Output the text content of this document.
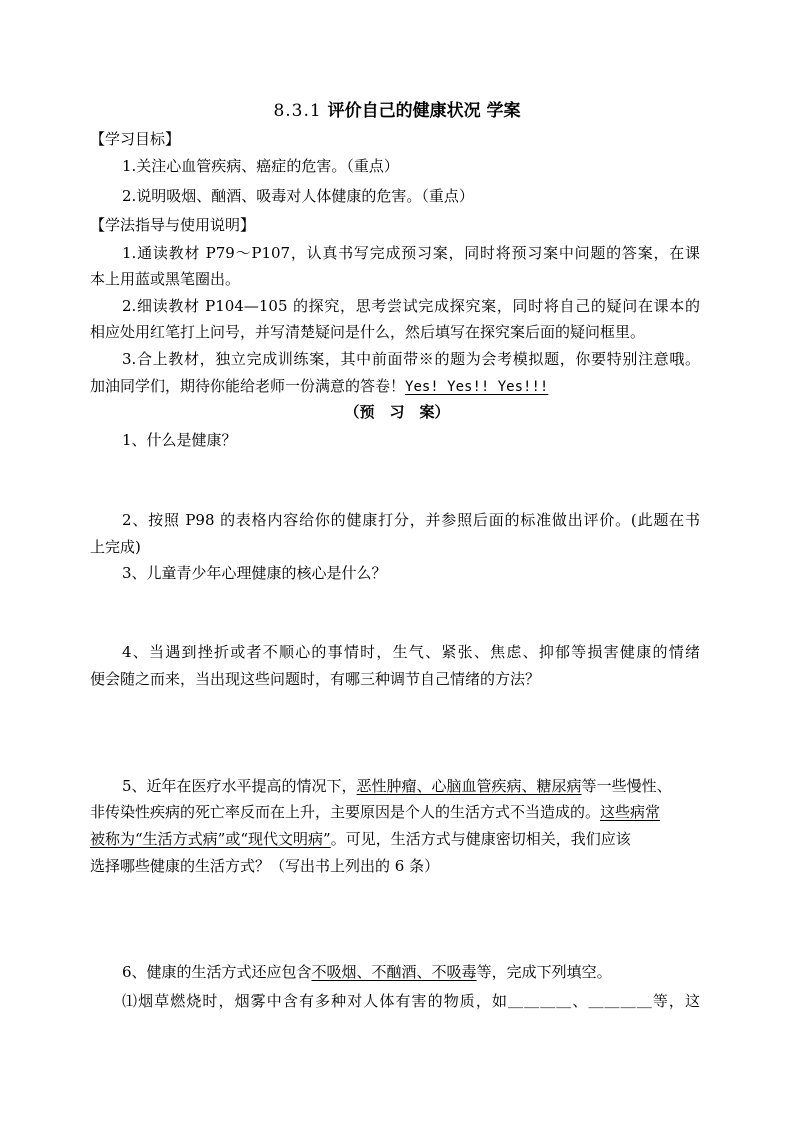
8.3.1 评价自己的健康状况 学案
【学习目标】
1.关注心血管疾病、癌症的危害。（重点）
2.说明吸烟、酗酒、吸毒对人体健康的危害。（重点）
【学法指导与使用说明】
1.通读教材 P79～P107，认真书写完成预习案，同时将预习案中问题的答案，在课
本上用蓝或黑笔圈出。
2.细读教材 P104—105 的探究，思考尝试完成探究案，同时将自己的疑问在课本的
相应处用红笔打上问号，并写清楚疑问是什么，然后填写在探究案后面的疑问框里。
3.合上教材，独立完成训练案，其中前面带※的题为会考模拟题，你要特别注意哦。
加油同学们，期待你能给老师一份满意的答卷！Yes! Yes!! Yes!!!
（预　习　案）
1、什么是健康？
2、按照 P98 的表格内容给你的健康打分，并参照后面的标准做出评价。(此题在书
上完成)
3、儿童青少年心理健康的核心是什么？
4、当遇到挫折或者不顺心的事情时，生气、紧张、焦虑、抑郁等损害健康的情绪
便会随之而来，当出现这些问题时，有哪三种调节自己情绪的方法？
5、近年在医疗水平提高的情况下，恶性肿瘤、心脑血管疾病、糖尿病等一些慢性、
非传染性疾病的死亡率反而在上升，主要原因是个人的生活方式不当造成的。这些病常
被称为“生活方式病”或“现代文明病”。可见，生活方式与健康密切相关，我们应该
选择哪些健康的生活方式？（写出书上列出的 6 条）
6、健康的生活方式还应包含不吸烟、不酗酒、不吸毒等，完成下列填空。
⑴烟草燃烧时，烟雾中含有多种对人体有害的物质，如＿＿＿＿、＿＿＿＿等，这
